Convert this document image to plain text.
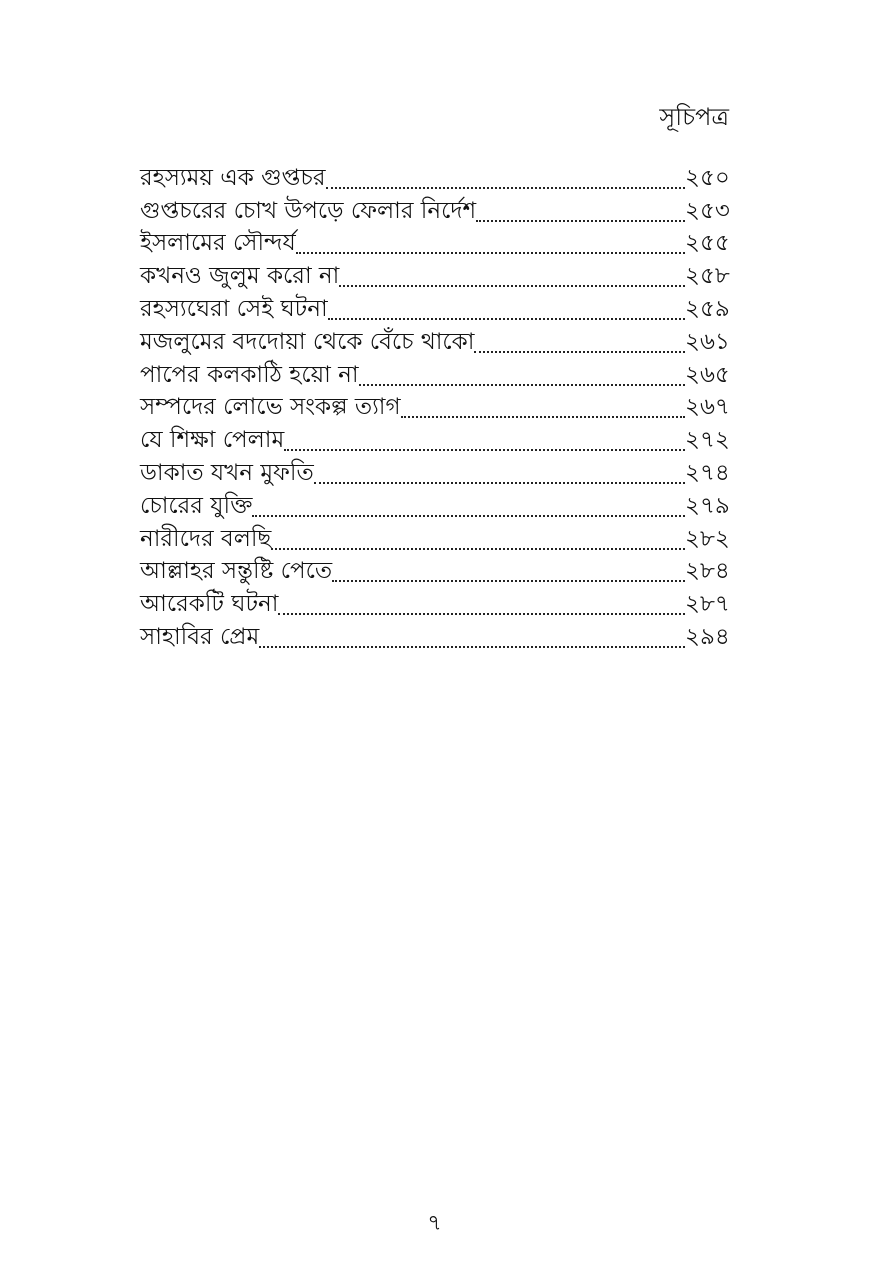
সূচিপত্র
রহস্যময় এক গুপ্তচর	২৫০
গুপ্তচরের চোখ উপড়ে ফেলার নির্দেশ	২৫৩
ইসলামের সৌন্দর্য	২৫৫
কখনও জুলুম করো না	২৫৮
রহস্যঘেরা সেই ঘটনা	২৫৯
মজলুমের বদদোয়া থেকে বেঁচে থাকো	২৬১
পাপের কলকাঠি হয়ো না	২৬৫
সম্পদের লোভে সংকল্প ত্যাগ	২৬৭
যে শিক্ষা পেলাম	২৭২
ডাকাত যখন মুফতি	২৭৪
চোরের যুক্তি	২৭৯
নারীদের বলছি	২৮২
আল্লাহর সন্তুষ্টি পেতে	২৮৪
আরেকটি ঘটনা	২৮৭
সাহাবির প্রেম	২৯৪
৭
